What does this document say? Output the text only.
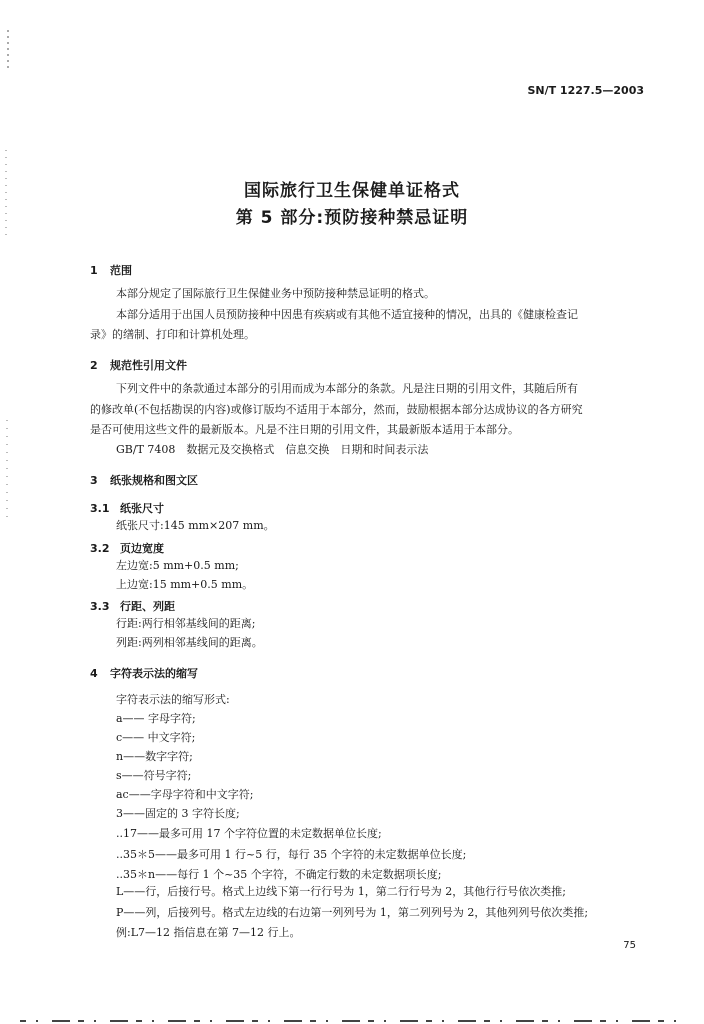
SN/T 1227.5—2003
国际旅行卫生保健单证格式
第 5 部分:预防接种禁忌证明
1 范围
本部分规定了国际旅行卫生保健业务中预防接种禁忌证明的格式。
本部分适用于出国人员预防接种中因患有疾病或有其他不适宜接种的情况，出具的《健康检查记
录》的缮制、打印和计算机处理。
2 规范性引用文件
下列文件中的条款通过本部分的引用而成为本部分的条款。凡是注日期的引用文件，其随后所有
的修改单(不包括勘误的内容)或修订版均不适用于本部分，然而，鼓励根据本部分达成协议的各方研究
是否可使用这些文件的最新版本。凡是不注日期的引用文件，其最新版本适用于本部分。
GB/T 7408　数据元及交换格式　信息交换　日期和时间表示法
3 纸张规格和图文区
3.1 纸张尺寸
纸张尺寸:145 mm×207 mm。
3.2 页边宽度
左边宽:5 mm+0.5 mm;
上边宽:15 mm+0.5 mm。
3.3 行距、列距
行距:两行相邻基线间的距离;
列距:两列相邻基线间的距离。
4 字符表示法的缩写
字符表示法的缩写形式:
a—— 字母字符;
c—— 中文字符;
n——数字字符;
s——符号字符;
ac——字母字符和中文字符;
3——固定的 3 字符长度;
..17——最多可用 17 个字符位置的未定数据单位长度;
..35＊5——最多可用 1 行~5 行，每行 35 个字符的未定数据单位长度;
..35＊n——每行 1 个~35 个字符，不确定行数的未定数据项长度;
L——行，后接行号。格式上边线下第一行行号为 1，第二行行号为 2，其他行行号依次类推;
P——列，后接列号。格式左边线的右边第一列列号为 1，第二列列号为 2，其他列列号依次类推;
例:L7—12 指信息在第 7—12 行上。
75
